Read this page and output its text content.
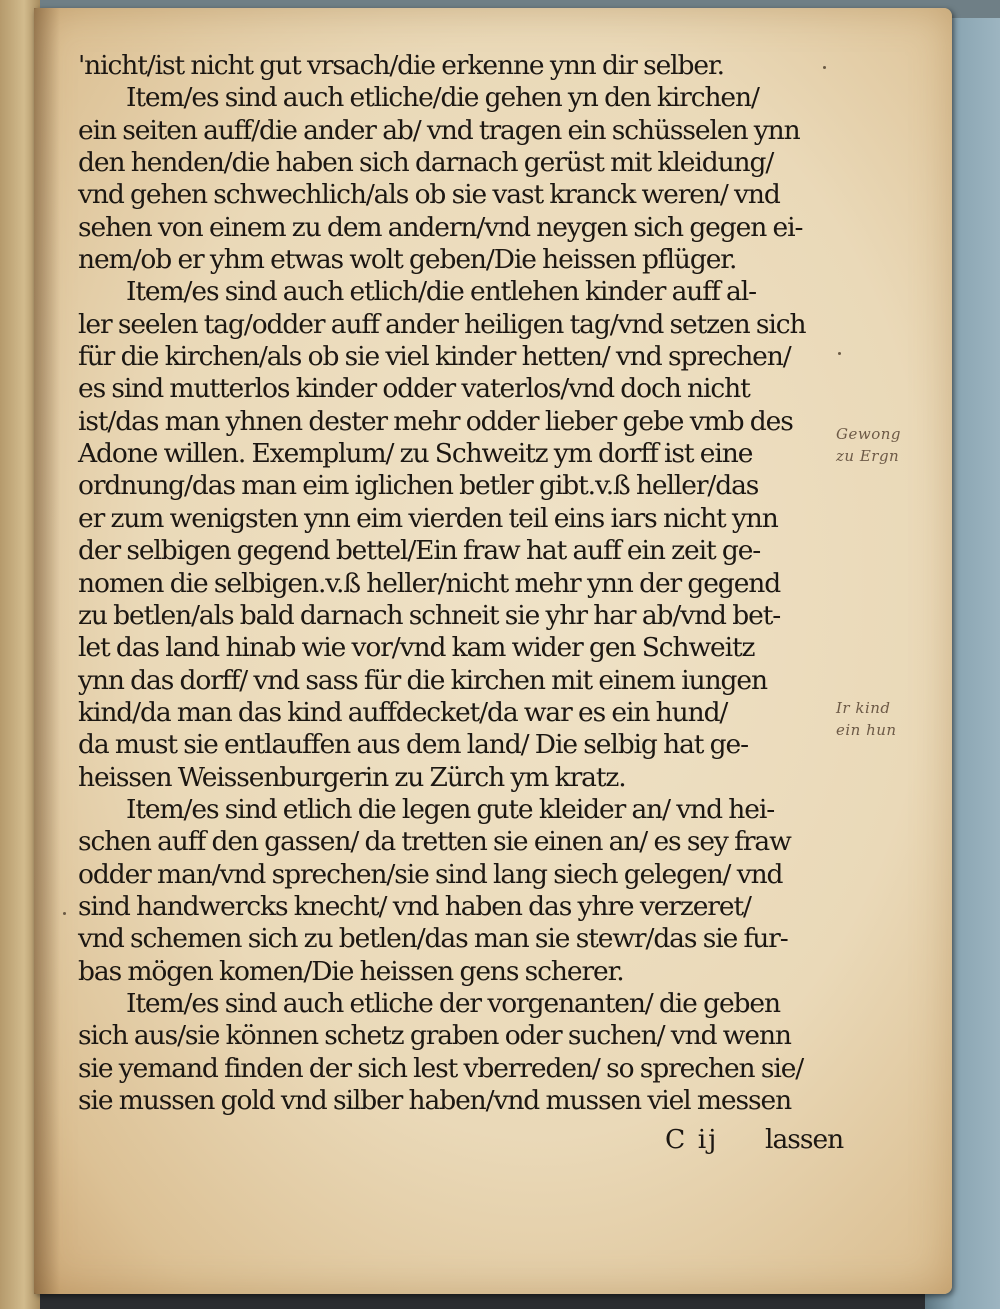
'nicht/ist nicht gut vrsach/die erkenne ynn dir selber.
Item/es sind auch etliche/die gehen yn den kirchen/
ein seiten auff/die ander ab/ vnd tragen ein schüsselen ynn
den henden/die haben sich darnach gerüst mit kleidung/
vnd gehen schwechlich/als ob sie vast kranck weren/ vnd
sehen von einem zu dem andern/vnd neygen sich gegen ei-
nem/ob er yhm etwas wolt geben/Die heissen pflüger.
Item/es sind auch etlich/die entlehen kinder auff al-
ler seelen tag/odder auff ander heiligen tag/vnd setzen sich
für die kirchen/als ob sie viel kinder hetten/ vnd sprechen/
es sind mutterlos kinder odder vaterlos/vnd doch nicht
ist/das man yhnen dester mehr odder lieber gebe vmb des
Adone willen. Exemplum/ zu Schweitz ym dorff ist eine
ordnung/das man eim iglichen betler gibt.v.ß heller/das
er zum wenigsten ynn eim vierden teil eins iars nicht ynn
der selbigen gegend bettel/Ein fraw hat auff ein zeit ge-
nomen die selbigen.v.ß heller/nicht mehr ynn der gegend
zu betlen/als bald darnach schneit sie yhr har ab/vnd bet-
let das land hinab wie vor/vnd kam wider gen Schweitz
ynn das dorff/ vnd sass für die kirchen mit einem iungen
kind/da man das kind auffdecket/da war es ein hund/
da must sie entlauffen aus dem land/ Die selbig hat ge-
heissen Weissenburgerin zu Zürch ym kratz.
Item/es sind etlich die legen gute kleider an/ vnd hei-
schen auff den gassen/ da tretten sie einen an/ es sey fraw
odder man/vnd sprechen/sie sind lang siech gelegen/ vnd
sind handwercks knecht/ vnd haben das yhre verzeret/
vnd schemen sich zu betlen/das man sie stewr/das sie fur-
bas mögen komen/Die heissen gens scherer.
Item/es sind auch etliche der vorgenanten/ die geben
sich aus/sie können schetz graben oder suchen/ vnd wenn
sie yemand finden der sich lest vberreden/ so sprechen sie/
sie mussen gold vnd silber haben/vnd mussen viel messen
C ij lassen
Gewong
zu Ergn
Ir kind
ein hun
